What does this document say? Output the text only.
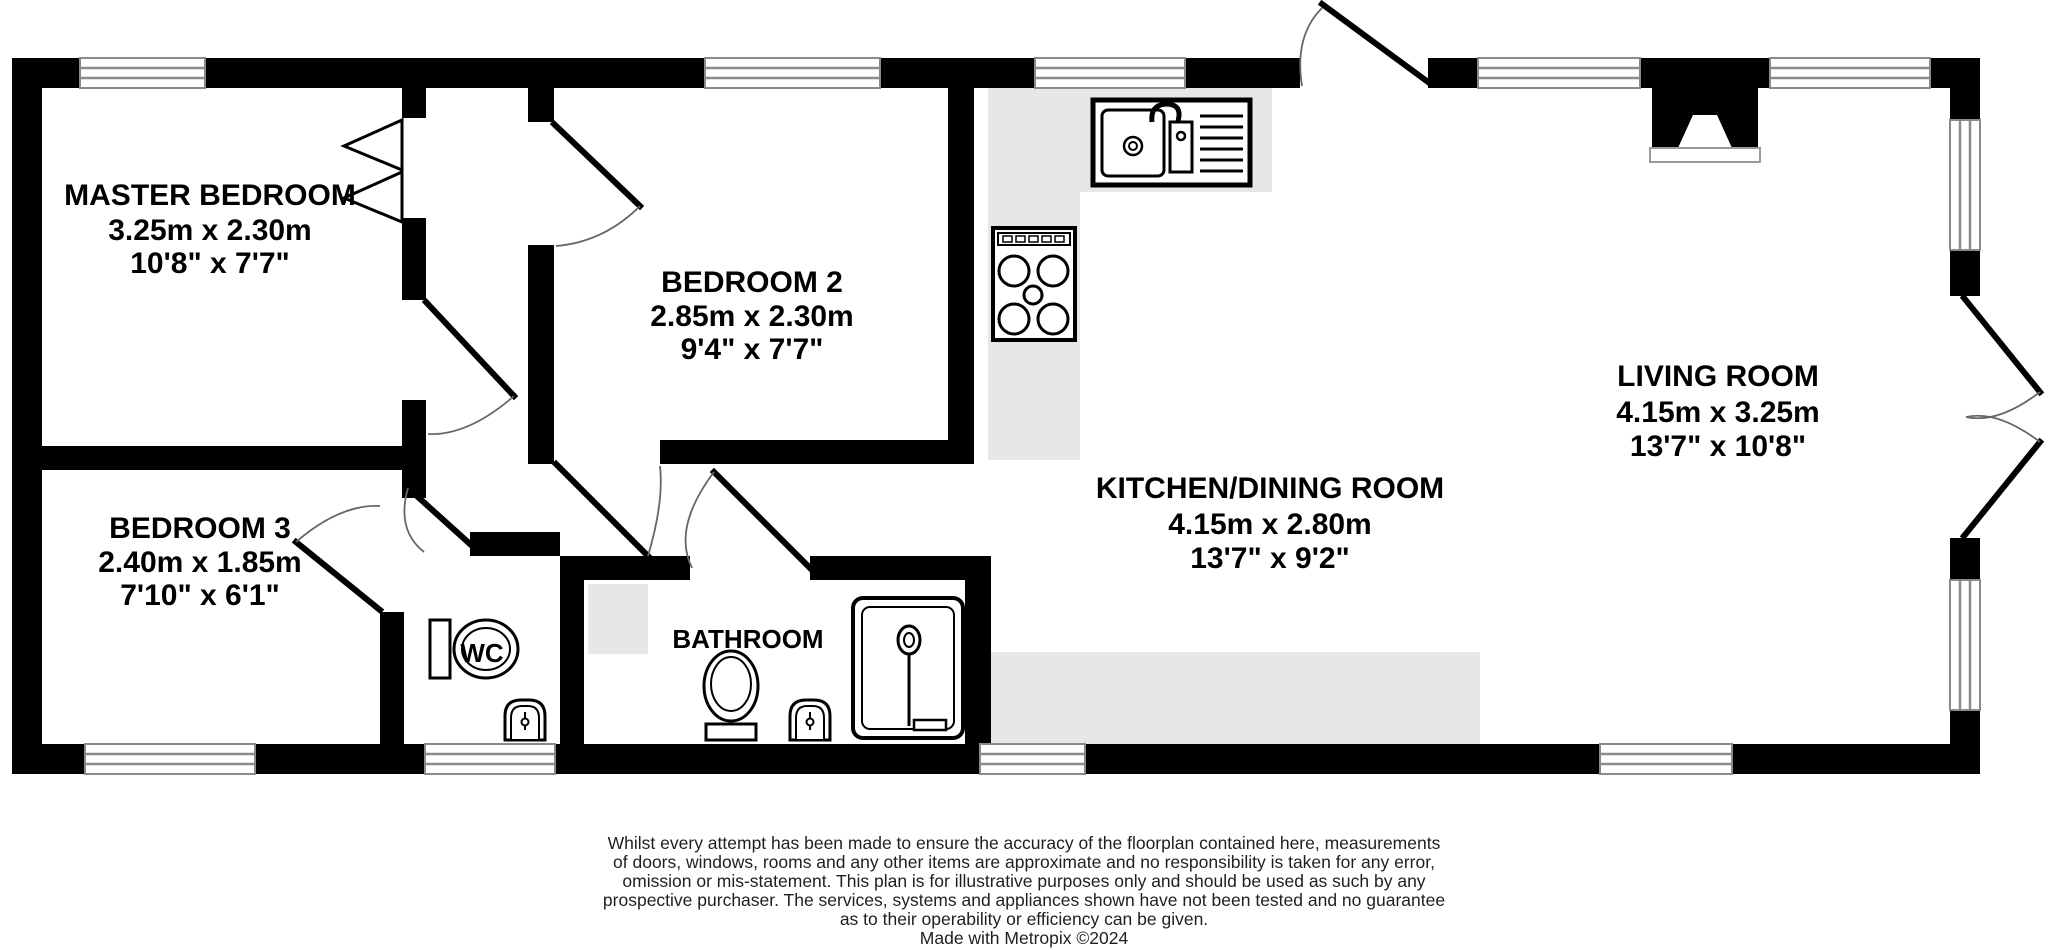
MASTER BEDROOM
3.25m x 2.30m
10'8" x 7'7"
BEDROOM 2
2.85m x 2.30m
9'4" x 7'7"
BEDROOM 3
2.40m x 1.85m
7'10" x 6'1"
KITCHEN/DINING ROOM
4.15m x 2.80m
13'7" x 9'2"
LIVING ROOM
4.15m x 3.25m
13'7" x 10'8"
WC	BATHROOM
Whilst every attempt has been made to ensure the accuracy of the floorplan contained here, measurements
of doors, windows, rooms and any other items are approximate and no responsibility is taken for any error,
omission or mis-statement. This plan is for illustrative purposes only and should be used as such by any
prospective purchaser. The services, systems and appliances shown have not been tested and no guarantee
as to their operability or efficiency can be given.
Made with Metropix ©2024
